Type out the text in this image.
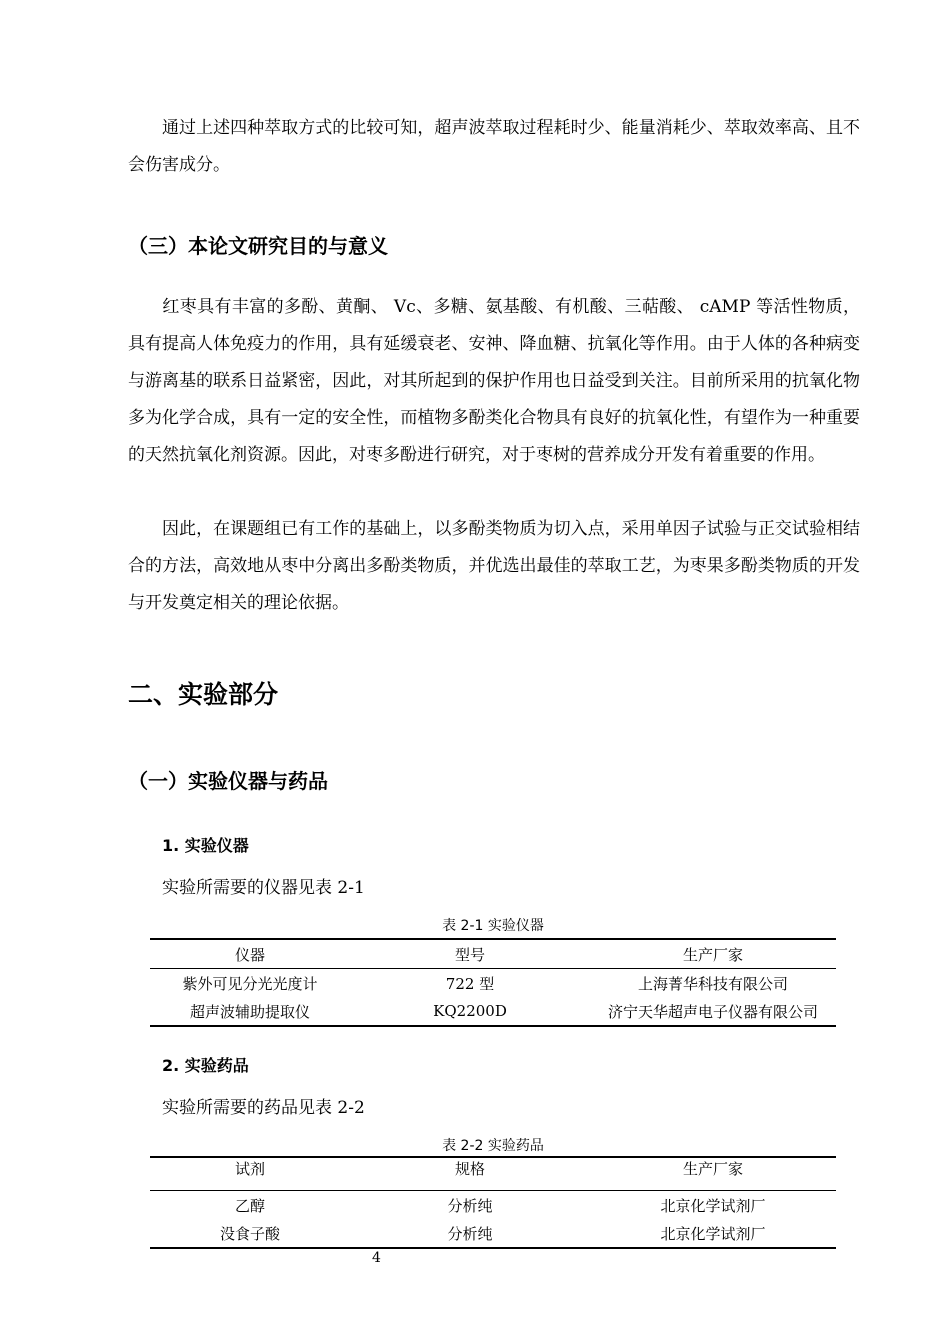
通过上述四种萃取方式的比较可知，超声波萃取过程耗时少、能量消耗少、萃取效率高、且不会伤害成分。

（三）本论文研究目的与意义

红枣具有丰富的多酚、黄酮、 Vc、多糖、氨基酸、有机酸、三萜酸、 cAMP 等活性物质，具有提高人体免疫力的作用，具有延缓衰老、安神、降血糖、抗氧化等作用。由于人体的各种病变与游离基的联系日益紧密，因此，对其所起到的保护作用也日益受到关注。目前所采用的抗氧化物多为化学合成，具有一定的安全性，而植物多酚类化合物具有良好的抗氧化性，有望作为一种重要的天然抗氧化剂资源。因此，对枣多酚进行研究，对于枣树的营养成分开发有着重要的作用。

因此，在课题组已有工作的基础上，以多酚类物质为切入点，采用单因子试验与正交试验相结合的方法，高效地从枣中分离出多酚类物质，并优选出最佳的萃取工艺，为枣果多酚类物质的开发与开发奠定相关的理论依据。

二、实验部分
（一）实验仪器与药品
1. 实验仪器

实验所需要的仪器见表 2-1

表 2-1 实验仪器
仪器	型号	生产厂家
紫外可见分光光度计	722 型	上海菁华科技有限公司
超声波辅助提取仪	KQ2200D	济宁天华超声电子仪器有限公司
2. 实验药品

实验所需要的药品见表 2-2

表 2-2 实验药品
试剂	规格	生产厂家
乙醇	分析纯	北京化学试剂厂
没食子酸	分析纯	北京化学试剂厂
4
